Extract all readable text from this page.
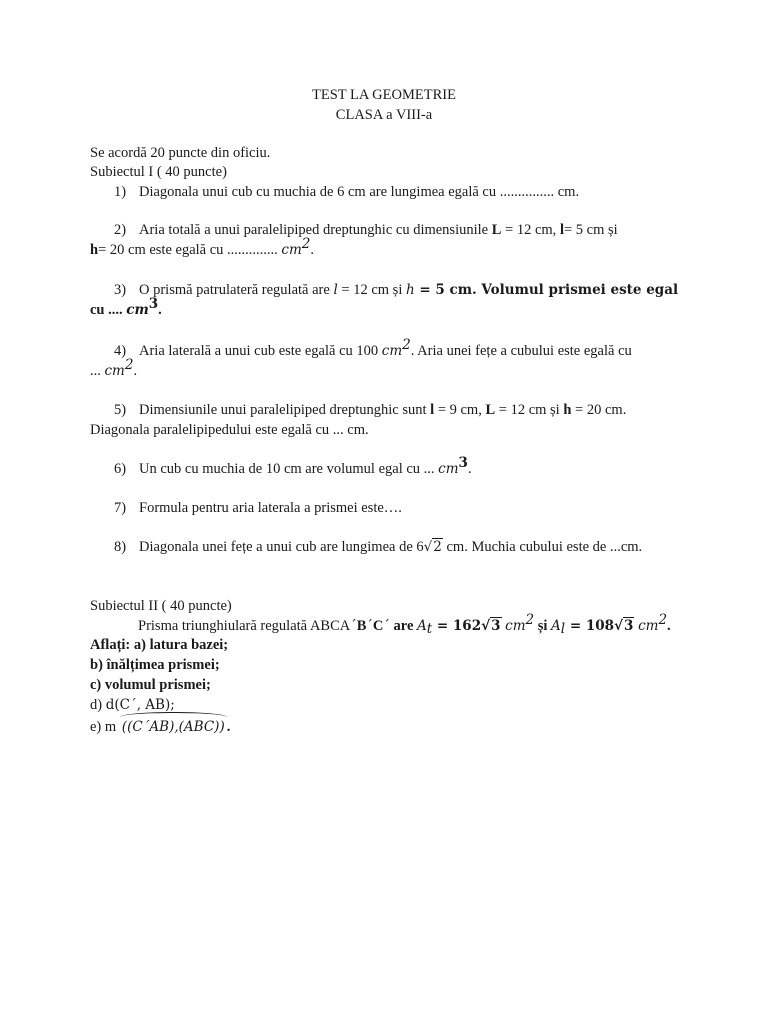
TEST LA GEOMETRIE
CLASA a VIII-a
Se acordă 20 puncte din oficiu.
Subiectul I ( 40 puncte)
1) Diagonala unui cub cu muchia de 6 cm are lungimea egală cu ............... cm.
2) Aria totală a unui paralelipiped dreptunghic cu dimensiunile L = 12 cm, l= 5 cm și
h= 20 cm este egală cu .............. $cm^2$.
3) O prismă patrulateră regulată are l = 12 cm și h = 5 cm. Volumul prismei este egal
cu .... $cm^3$.
4) Aria laterală a unui cub este egală cu 100 $cm^2$. Aria unei fețe a cubului este egală cu
... $cm^2$.
5) Dimensiunile unui paralelipiped dreptunghic sunt l = 9 cm, L = 12 cm și h = 20 cm.
Diagonala paralelipipedului este egală cu ... cm.
6) Un cub cu muchia de 10 cm are volumul egal cu ... $cm^3$.
7) Formula pentru aria laterala a prismei este….
8) Diagonala unei fețe a unui cub are lungimea de 6√2 cm. Muchia cubului este de ...cm.
Subiectul II ( 40 puncte)
Prisma triunghiulară regulată ABCA´B´C´ are $A_t = 162√3$ $cm^2$ și $A_l = 108√3$ $cm^2$.
Aflați: a) latura bazei;
b) înălțimea prismei;
c) volumul prismei;
d) d(C´, AB);
e) m ((C´AB),(ABC)) .
